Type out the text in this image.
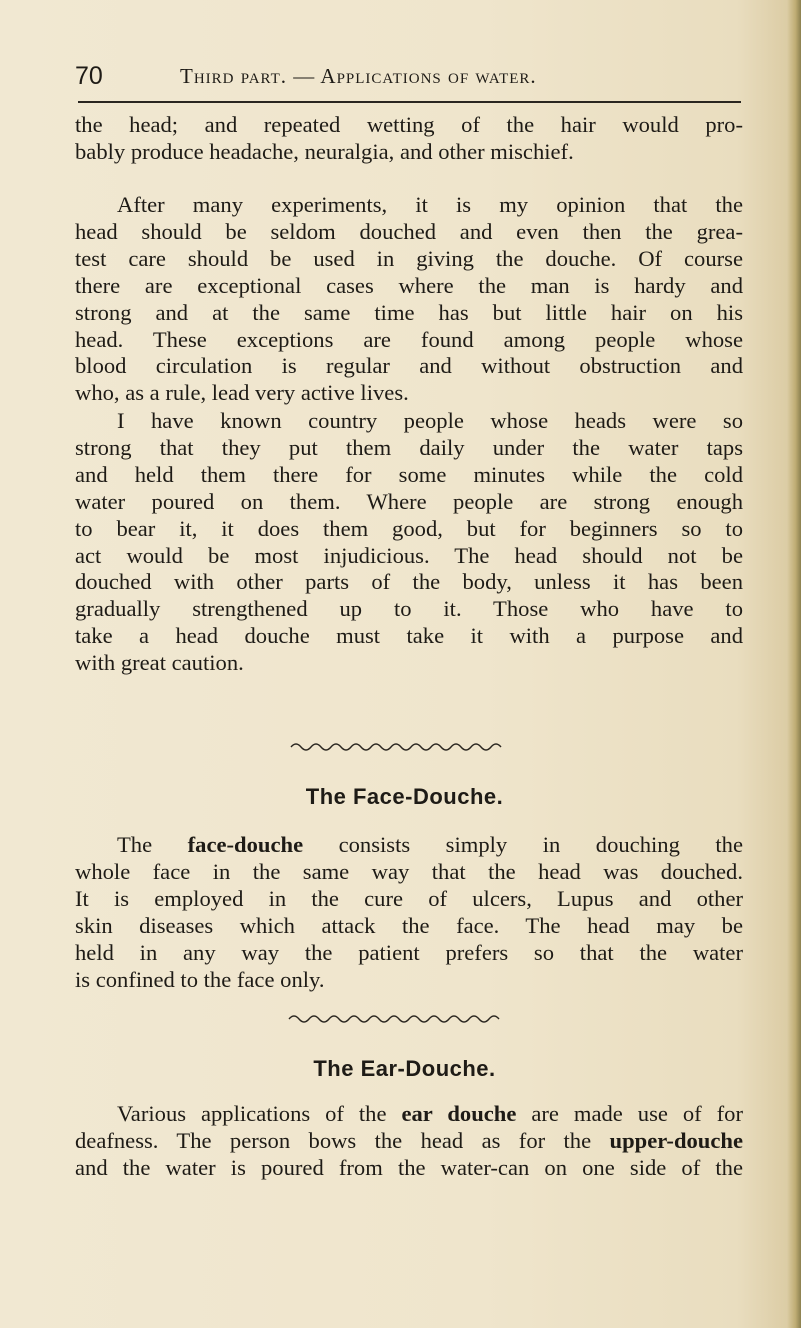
70	Third part. — Applications of water.
the head; and repeated wetting of the hair would pro-
bably produce headache, neuralgia, and other mischief.
After many experiments, it is my opinion that the
head should be seldom douched and even then the grea-
test care should be used in giving the douche. Of course
there are exceptional cases where the man is hardy and
strong and at the same time has but little hair on his
head. These exceptions are found among people whose
blood circulation is regular and without obstruction and
who, as a rule, lead very active lives.
I have known country people whose heads were so
strong that they put them daily under the water taps
and held them there for some minutes while the cold
water poured on them. Where people are strong enough
to bear it, it does them good, but for beginners so to
act would be most injudicious. The head should not be
douched with other parts of the body, unless it has been
gradually strengthened up to it. Those who have to
take a head douche must take it with a purpose and
with great caution.
The Face-Douche.
The face-douche consists simply in douching the
whole face in the same way that the head was douched.
It is employed in the cure of ulcers, Lupus and other
skin diseases which attack the face. The head may be
held in any way the patient prefers so that the water
is confined to the face only.
The Ear-Douche.
Various applications of the ear douche are made use of for
deafness. The person bows the head as for the upper-douche
and the water is poured from the water-can on one side of the
